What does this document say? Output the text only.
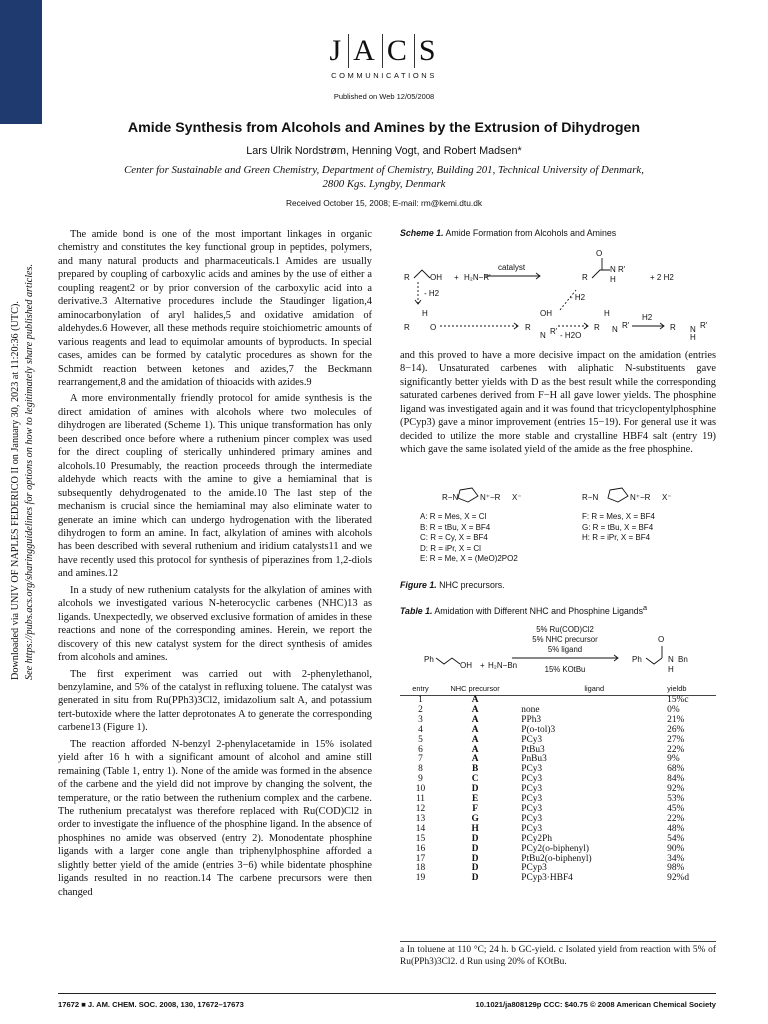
Downloaded via UNIV OF NAPLES FEDERICO II on January 30, 2023 at 11:20:36 (UTC). See https://pubs.acs.org/sharingguidelines for options on how to legitimately share published articles.
J A C S
COMMUNICATIONS
Published on Web 12/05/2008
Amide Synthesis from Alcohols and Amines by the Extrusion of Dihydrogen
Lars Ulrik Nordstrøm, Henning Vogt, and Robert Madsen*
Center for Sustainable and Green Chemistry, Department of Chemistry, Building 201, Technical University of Denmark, 2800 Kgs. Lyngby, Denmark
Received October 15, 2008; E-mail: rm@kemi.dtu.dk

The amide bond is one of the most important linkages in organic chemistry and constitutes the key functional group in peptides, polymers, and many natural products and pharmaceuticals.1 Amides are usually prepared by coupling of carboxylic acids and amines by the use of either a coupling reagent2 or by prior conversion of the carboxylic acid into a derivative.3 Alternative procedures include the Staudinger ligation,4 aminocarbonylation of aryl halides,5 and oxidative amidation of aldehydes.6 However, all these methods require stoichiometric amounts of various reagents and lead to equimolar amounts of byproducts. In special cases, amides can be formed by catalytic procedures as shown for the Schmidt reaction between ketones and azides,7 the Beckmann rearrangement,8 and the amidation of thioacids with azides.9

A more environmentally friendly protocol for amide synthesis is the direct amidation of amines with alcohols where two molecules of dihydrogen are liberated (Scheme 1). This unique transformation has only been described once before where a ruthenium pincer complex was used for the direct coupling of sterically unhindered primary amines and alcohols.10 Presumably, the reaction proceeds through the intermediate aldehyde which reacts with the amine to give a hemiaminal that is subsequently dehydrogenated to the amide.10 The last step of the mechanism is crucial since the hemiaminal may also eliminate water to generate an imine which can undergo hydrogenation with the liberated dihydrogen to form an amine. In fact, alkylation of amines with alcohols has been described with several ruthenium and iridium catalysts11 and we have recently used this protocol for synthesis of piperazines from 1,2-diols and amines.12

In a study of new ruthenium catalysts for the alkylation of amines with alcohols we investigated various N-heterocyclic carbenes (NHC)13 as ligands. Unexpectedly, we observed exclusive formation of amides in these reactions and none of the corresponding amines. Herein, we report the discovery of this new catalyst system for the direct synthesis of amides from alcohols and amines.

The first experiment was carried out with 2-phenylethanol, benzylamine, and 5% of the catalyst in refluxing toluene. The catalyst was generated in situ from Ru(PPh3)3Cl2, imidazolium salt A, and potassium tert-butoxide where the latter deprotonates A to generate the corresponding carbene13 (Figure 1).

The reaction afforded N-benzyl 2-phenylacetamide in 15% isolated yield after 16 h with a significant amount of alcohol and amine still remaining (Table 1, entry 1). None of the amide was formed in the absence of the carbene and the yield did not improve by changing the solvent, the temperature, or the ratio between the ruthenium complex and the carbene. The ruthenium precatalyst was therefore replaced with Ru(COD)Cl2 in order to investigate the influence of the phosphine ligand. In the absence of phosphines no amide was observed (entry 2). Monodentate phosphine ligands with a larger cone angle than triphenylphosphine afforded a slightly better yield of the amide (entries 3−6) while bidentate phosphine ligands resulted in no reaction.14 The carbene precursors were then changed

Scheme 1. Amide Formation from Alcohols and Amines
R	OH + H₂N−R'
catalyst
R
O
N R'
H	+ 2 H2
- H2
R
H
O	R
OH
N R'
- H2
- H2O
R
H
N R'
H2
R N R'
H

and this proved to have a more decisive impact on the amidation (entries 8−14). Unsaturated carbenes with aliphatic N-substituents gave significantly better yields with D as the best result while the corresponding saturated carbenes derived from F−H all gave lower yields. The phosphine ligand was investigated again and it was found that tricyclopentylphosphine (PCyp3) gave a minor improvement (entries 15−19). For general use it was decided to utilize the more stable and crystalline HBF4 salt (entry 19) which gave the same isolated yield of the amide as the free phosphine.

R−N	N⁺−R X⁻	R−N	N⁺−R X⁻
A: R = Mes, X = Cl
B: R = tBu, X = BF4
C: R = Cy, X = BF4
D: R = iPr, X = Cl
E: R = Me, X = (MeO)2PO2
F: R = Mes, X = BF4
G: R = tBu, X = BF4
H: R = iPr, X = BF4
Figure 1. NHC precursors.
Table 1. Amidation with Different NHC and Phosphine Ligands$^a$
Ph
OH + H₂N−Bn
Ph
O
N Bn
H
5% Ru(COD)Cl2
5% NHC precursor
5% ligand
15% KOtBu
entry	NHC precursor	ligand	yieldb
1	A		15%c
2	A	none	0%
3	A	PPh3	21%
4	A	P(o-tol)3	26%
5	A	PCy3	27%
6	A	PtBu3	22%
7	A	PnBu3	9%
8	B	PCy3	68%
9	C	PCy3	84%
10	D	PCy3	92%
11	E	PCy3	53%
12	F	PCy3	45%
13	G	PCy3	22%
14	H	PCy3	48%
15	D	PCy2Ph	54%
16	D	PCy2(o-biphenyl)	90%
17	D	PtBu2(o-biphenyl)	34%
18	D	PCyp3	98%
19	D	PCyp3·HBF4	92%d
a In toluene at 110 °C; 24 h. b GC-yield. c Isolated yield from reaction with 5% of Ru(PPh3)3Cl2. d Run using 20% of KOtBu.
17672 ■ J. AM. CHEM. SOC. 2008, 130, 17672–17673	10.1021/ja808129p CCC: $40.75 © 2008 American Chemical Society
